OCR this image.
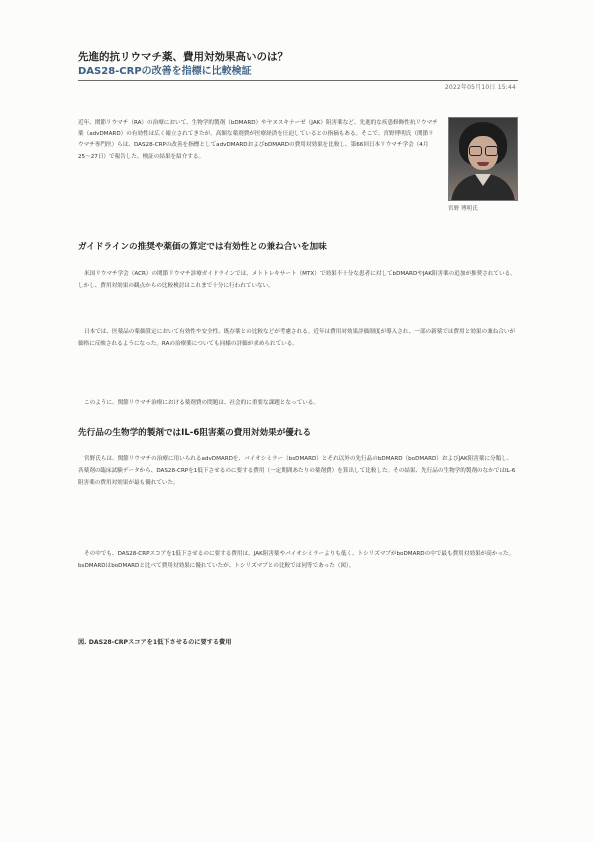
先進的抗リウマチ薬、費用対効果高いのは？
DAS28-CRPの改善を指標に比較検証
2022年05月10日 15:44

近年、関節リウマチ（RA）の治療において、生物学的製剤（bDMARD）やヤヌスキナーゼ（JAK）阻害薬など、先進的な疾患修飾性抗リウマチ薬（advDMARD）の有効性は広く確立されてきたが、高額な薬剤費が医療経済を圧迫しているとの指摘もある。そこで、宮野博明氏（関節リウマチ専門医）らは、DAS28-CRPの改善を指標としてadvDMARDおよびbDMARDの費用対効果を比較し、第66回日本リウマチ学会（4月25〜27日）で報告した。検証の結果を紹介する。

宮野 博明氏
ガイドラインの推奨や薬価の算定では有効性との兼ね合いを加味

米国リウマチ学会（ACR）の関節リウマチ診療ガイドラインでは、メトトレキサート（MTX）で効果不十分な患者に対してbDMARDやJAK阻害薬の追加が推奨されている。しかし、費用対効果の観点からの比較検討はこれまで十分に行われていない。

日本では、医薬品の薬価算定において有効性や安全性、既存薬との比較などが考慮される。近年は費用対効果評価制度が導入され、一部の新薬では費用と効果の兼ね合いが価格に反映されるようになった。RAの治療薬についても同様の評価が求められている。

このように、関節リウマチ治療における薬剤費の問題は、社会的に重要な課題となっている。

先行品の生物学的製剤ではIL-6阻害薬の費用対効果が優れる

宮野氏らは、関節リウマチの治療に用いられるadvDMARDを、バイオシミラー（bsDMARD）とそれ以外の先行品のbDMARD（boDMARD）およびJAK阻害薬に分類し、各薬剤の臨床試験データから、DAS28-CRPを1低下させるのに要する費用（一定期間あたりの薬剤費）を算出して比較した。その結果、先行品の生物学的製剤のなかではIL-6阻害薬の費用対効果が最も優れていた。

その中でも、DAS28-CRPスコアを1低下させるのに要する費用は、JAK阻害薬やバイオシミラーよりも低く、トシリズマブがboDMARDの中で最も費用対効果が高かった。bsDMARDはboDMARDと比べて費用対効果に優れていたが、トシリズマブとの比較では同等であった（図）。

図. DAS28-CRPスコアを1低下させるのに要する費用
